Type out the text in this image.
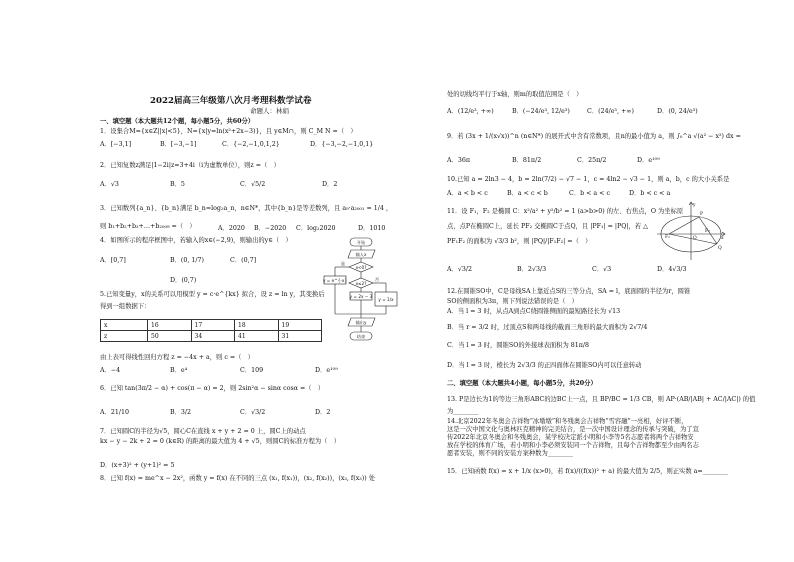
2022届高三年级第八次月考理科数学试卷
命题人：林娟
一、填空题（本大题共12个题，每小题5分，共60分）
1．设集合M={x∈Z||x|<5}，N={x|y=ln(x²+2x−3)}，且 y∈M∩，则 C_M N =（　）
A．[−3,1]	B．[−3,−1]	C．{−2,−1,0,1,2}	D．{−3,−2,−1,0,1}
2．已知复数z满足|1−2i|z=3+4i（i为虚数单位），则z =（　）
A．√3	B．5	C．√5/2	D．2
3．已知数列{a_n}、{b_n}满足 b_n=log₂a_n，n∈N*，其中{b_n}是等差数列，且 a₉·a₂₀₀₁ = 1/4 ，
则 b₁+b₂+b₃+…+b₂₀₀₉ =（　）	A．2020 B．−2020 C．log₂2020	D．1010
4．如图所示的程序框图中，若输入的x∈(−2,9)，则输出的y∈（　）
A．[0,7]	B．(0, 1/7)	C．(0,7]
D．(0,7)
5.已知变量y，x的关系可以用模型 y = c·e^{kx} 拟合，设 z = ln y，其变换后
得到一组数据下：
x	16	17	18	19
z	50	34	41	31
由上表可得线性回归方程 z = −4x + a，则 c =（　）
A．−4	B．e⁴	C．109	D．e¹⁰⁹
6．已知 tan(3π/2 − α) + cos(π − α) = 2，则 2sin²α − sinα cosα =（　）
A．21/10	B．3/2	C．√3/2	D．2
7．已知圆C的半径为√5，圆心C在直线 x + y + 2 = 0 上，圆C上的动点
kx − y − 2k + 2 = 0 (k∈R) 的距离的最大值为 4 + √5，则圆C的标准方程为（　）
D．(x+3)² + (y+1)² = 5
8．已知 f(x) = me^x − 2x²，函数 y = f(x) 在不同的三点 (x₁, f(x₁))，(x₂, f(x₂))，(x₃, f(x₃)) 处
开始
输入x
x<0?
y = e^{-x}
x≤2?
y = 2x − 3
y = 1/x
输出y
结束
是
否
处的切线均平行于x轴，则m的取值范围是（　）
A．(12/e³, +∞)	B．(−24/e³, 12/e³)	C．(24/e³, +∞)	D．(0, 24/e³)
9．若 (3x + 1/(x√x))^n (n∈N*) 的展开式中含有常数项，且n的最小值为 a，则 ∫₀^a √(a² − x²) dx =
A．36π	B．81π/2	C．25π/2	D．e¹⁰⁹
10.已知 a = 2ln3 − 4，b = 2ln(7/2) − √7 − 1，c = 4ln2 − √3 − 1，则 a，b，c 的大小关系是
A．a < b < c	B．a < c < b	C．b < a < c	D．b < c < a
11．设 F₁，F₂ 是椭圆 C：x²/a² + y²/b² = 1 (a>b>0) 的左、右焦点，O 为坐标原
点，点P在椭圆C上，延长 PF₂ 交椭圆C于点Q，且 |PF₁| = |PQ|，若 △
PF₁F₂ 的面积为 √3/3 b²，则 |PQ|/|F₁F₂| =（　）
A．√3/2	B．2√3/3	C．√3	D．4√3/3
12.在圆锥SO中，C是母线SA上靠近点S的三等分点，SA = l，底面圆的半径为r，圆锥
SO的侧面积为3π，则下列说法错误的是（　）
A．当 l = 3 时，从点A到点C绕圆锥侧面的最短路径长为 √13
B．当 r = 3/2 时，过顶点S和两母线的截面三角形的最大面积为 2√7/4
C．当 l = 3 时，圆锥SO的外接球表面积为 81π/8
D．当 l = 3 时，棱长为 2√3/3 的正四面体在圆锥SO内可以任意转动
二、填空题（本大题共4小题，每小题5分，共20分）
13. P是边长为1的等边三角形ABC的边BC上一点，且 BP/BC = 1/3 CB，则 AP·(AB/|AB| + AC/|AC|) 的值
为________
14.北京2022年冬奥会吉祥物“冰墩墩”和冬残奥会吉祥物“雪容融”一亮相，好评不断，
这是一次中国文化与奥林匹克精神的完美结合，是一次中国设计理念的传承与突破，为了宣
传2022年北京冬奥会和冬残奥会，某学校决定派小明和小李等5名志愿者将两个吉祥物安
放在学校的体育广场，若小明和小李必须安装同一个吉祥物，且每个吉祥物都至少由两名志
愿者安装，则不同的安装方案种数为________
15．已知函数 f(x) = x + 1/x (x>0)，若 f(x)/((f(x))² + a) 的最大值为 2/5，则正实数 a=________
P
y
x
F₁	O
F₂
Q
